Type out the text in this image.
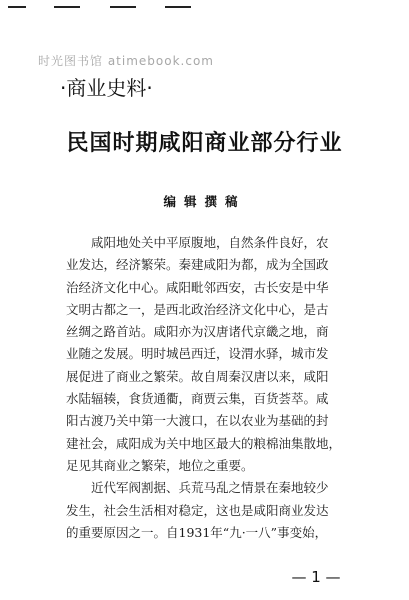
时光图书馆 atimebook.com
·商业史料·
民国时期咸阳商业部分行业
编辑撰稿
咸阳地处关中平原腹地，自然条件良好，农
业发达，经济繁荣。秦建咸阳为都，成为全国政
治经济文化中心。咸阳毗邻西安，古长安是中华
文明古都之一，是西北政治经济文化中心，是古
丝绸之路首站。咸阳亦为汉唐诸代京畿之地，商
业随之发展。明时城邑西迁，设渭水驿，城市发
展促进了商业之繁荣。故自周秦汉唐以来，咸阳
水陆辐辏，食货通衢，商贾云集，百货荟萃。咸
阳古渡乃关中第一大渡口，在以农业为基础的封
建社会，咸阳成为关中地区最大的粮棉油集散地，
足见其商业之繁荣，地位之重要。
近代军阀割据、兵荒马乱之情景在秦地较少
发生，社会生活相对稳定，这也是咸阳商业发达
的重要原因之一。自1931年“九·一八”事变始，
— 1 —
